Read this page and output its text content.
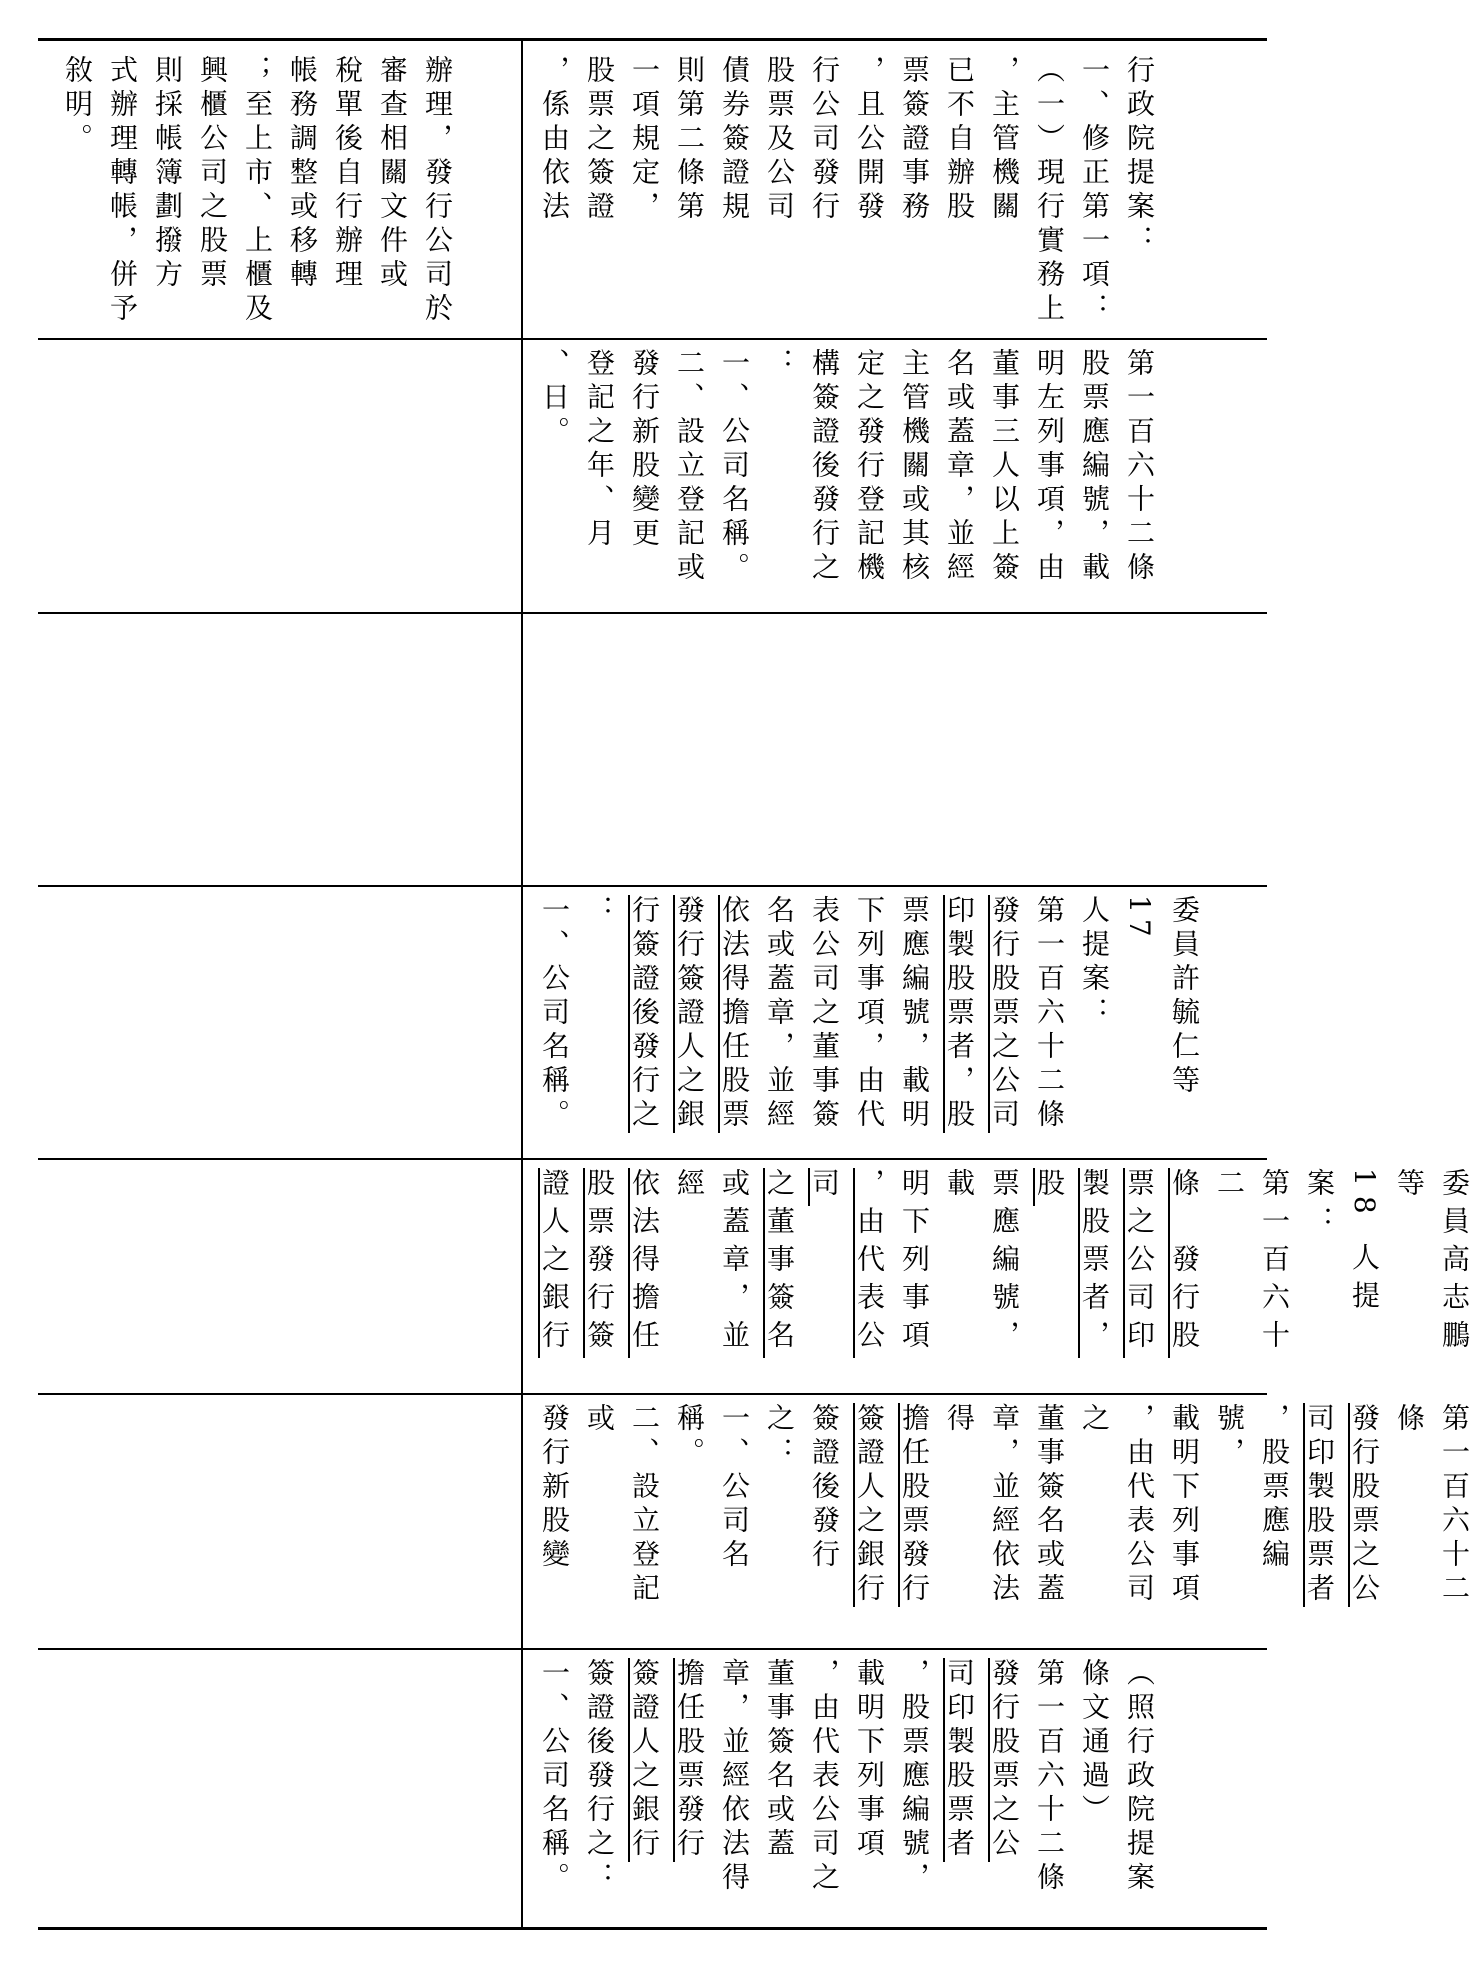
辦理，發行公司於
審查相關文件或
稅單後自行辦理
帳務調整或移轉
；至上市、上櫃及
興櫃公司之股票
則採帳簿劃撥方
式辦理轉帳，併予
敘明。	行政院提案：
一、修正第一項：
（一）現行實務上
，主管機關
已不自辦股
票簽證事務
，且公開發
行公司發行
股票及公司
債券簽證規
則第二條第
一項規定，
股票之簽證
，係由依法
第一百六十二條
股票應編號，載
明左列事項，由
董事三人以上簽
名或蓋章，並經
主管機關或其核
定之發行登記機
構簽證後發行之
：
一、公司名稱。
二、設立登記或
發行新股變更
登記之年、月
、日。
委員許毓仁等 17
人提案：
第一百六十二條
發行股票之公司
印製股票者，股
票應編號，載明
下列事項，由代
表公司之董事簽
名或蓋章，並經
依法得擔任股票
發行簽證人之銀
行簽證後發行之
：
一、公司名稱。
委員高志鵬等
18 人提案：
第一百六十二
條　發行股
票之公司印
製股票者，股
票應編號，載
明下列事項
，由代表公司
之董事簽名
或蓋章，並經
依法得擔任
股票發行簽
證人之銀行
第一百六十二條
發行股票之公
司印製股票者
，股票應編號，
載明下列事項
，由代表公司之
董事簽名或蓋
章，並經依法得
擔任股票發行
簽證人之銀行
簽證後發行之：
一、公司名稱。
二、設立登記或
發行新股變
（照行政院提案
條文通過）
第一百六十二條
發行股票之公
司印製股票者
，股票應編號，
載明下列事項
，由代表公司之
董事簽名或蓋
章，並經依法得
擔任股票發行
簽證人之銀行
簽證後發行之：
一、公司名稱。
